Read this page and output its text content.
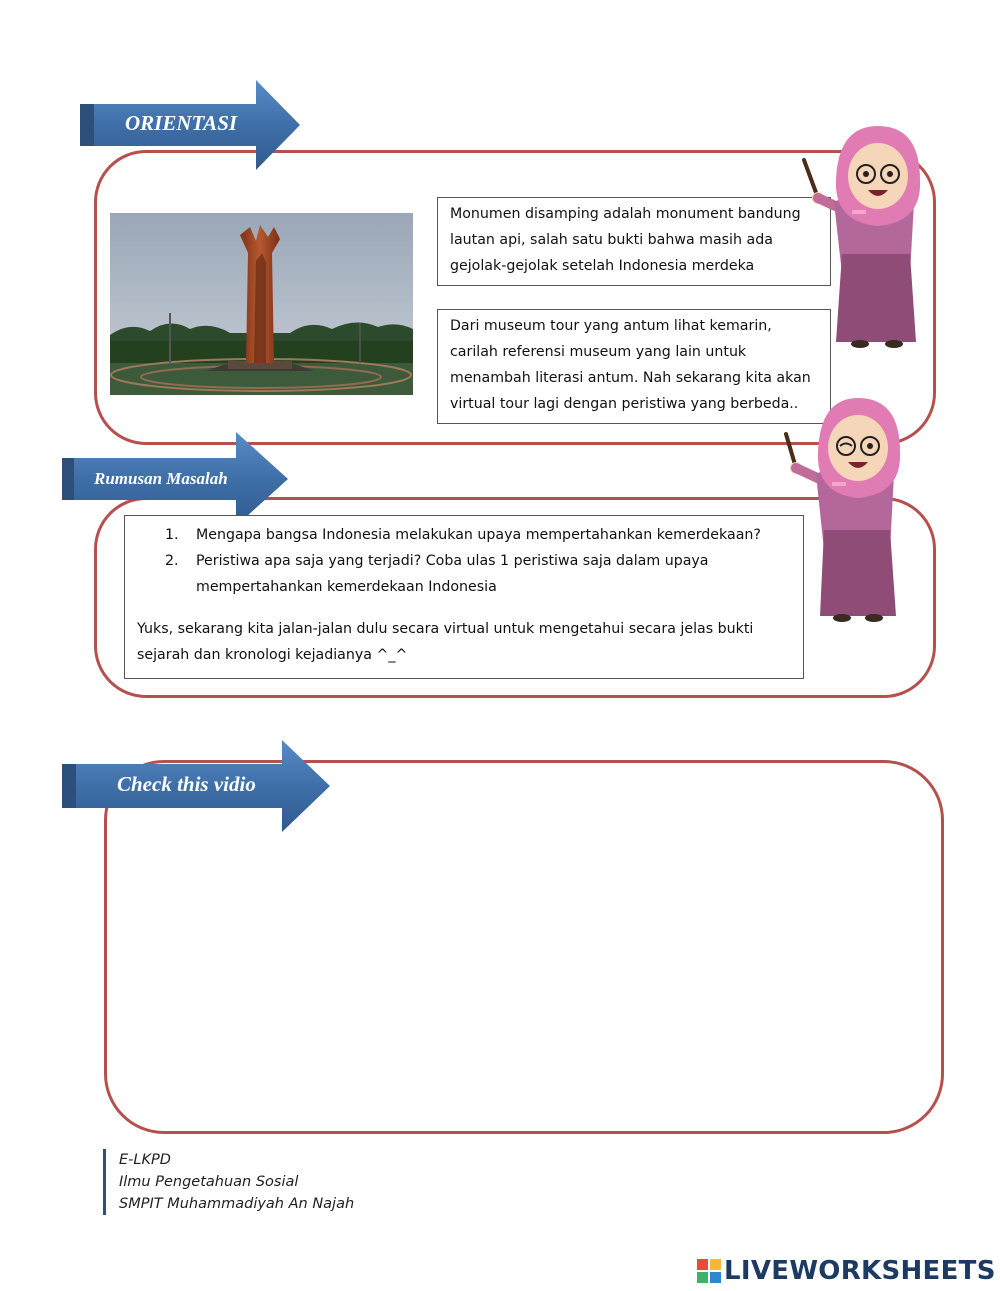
ORIENTASI
Rumusan Masalah
Check this vidio
Monumen disamping adalah monument bandung lautan api, salah satu bukti bahwa masih ada gejolak-gejolak setelah Indonesia merdeka
Dari museum tour yang antum lihat kemarin, carilah referensi museum yang lain untuk menambah literasi antum. Nah sekarang kita akan virtual tour lagi dengan peristiwa yang berbeda..
1. Mengapa bangsa Indonesia melakukan upaya mempertahankan kemerdekaan?
2. Peristiwa apa saja yang terjadi? Coba ulas 1 peristiwa saja dalam upaya mempertahankan kemerdekaan Indonesia
Yuks, sekarang kita jalan-jalan dulu secara virtual untuk mengetahui secara jelas bukti sejarah dan kronologi kejadianya ^_^
E-LKPD
Ilmu Pengetahuan Sosial
SMPIT Muhammadiyah An Najah
LIVEWORKSHEETS
